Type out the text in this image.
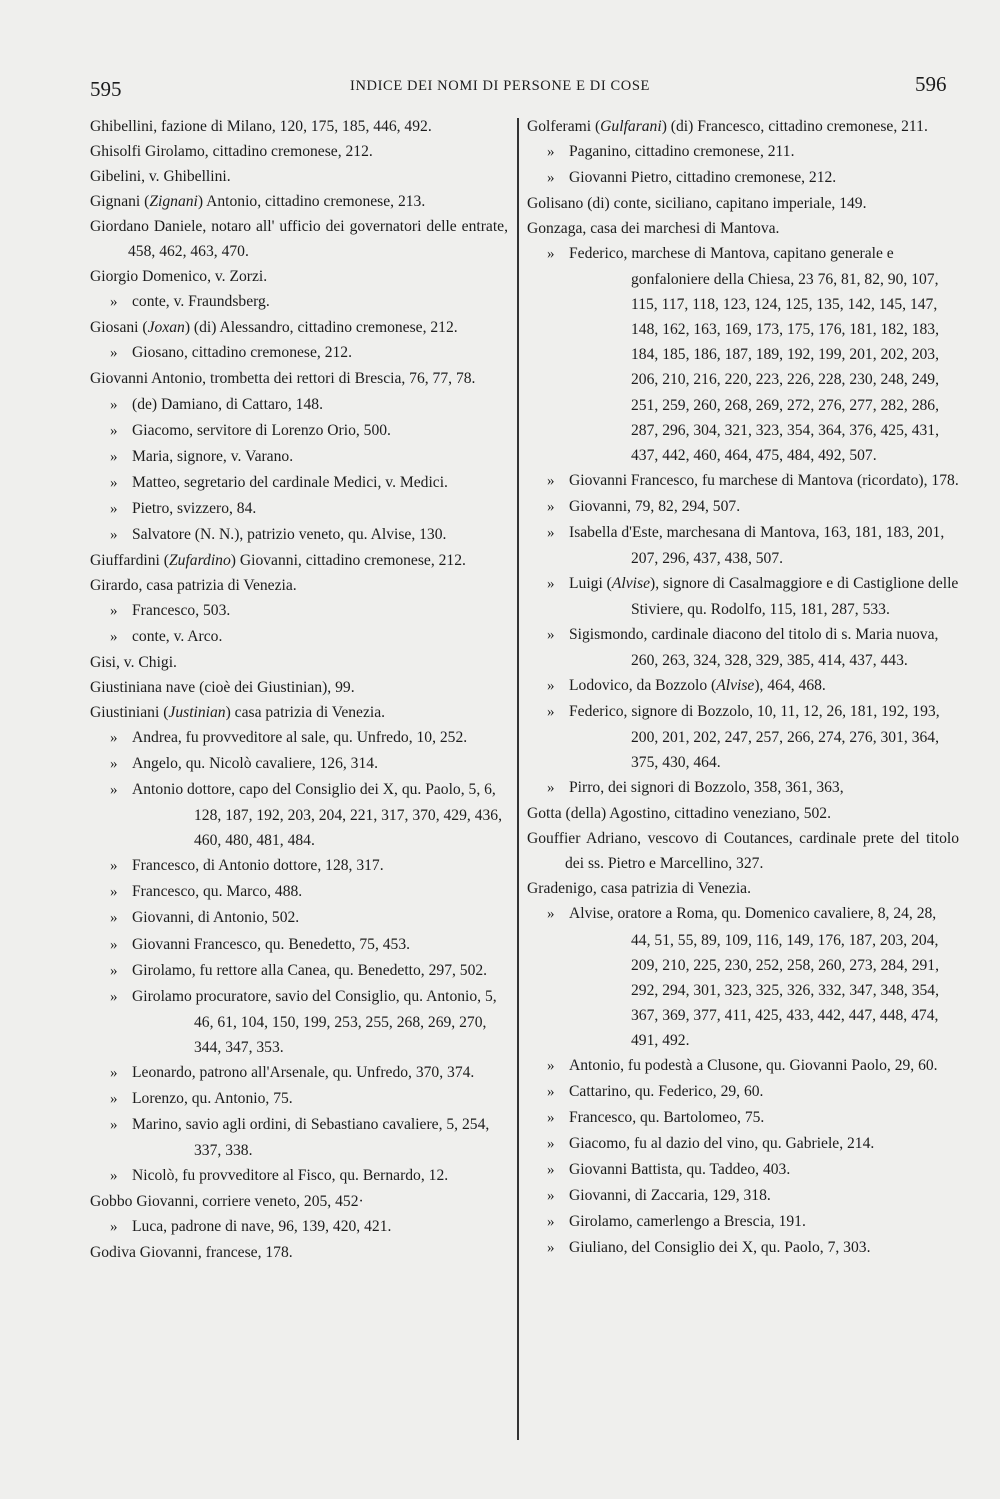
595	INDICE DEI NOMI DI PERSONE E DI COSE	596
Ghibellini, fazione di Milano, 120, 175, 185, 446, 492.
Ghisolfi Girolamo, cittadino cremonese, 212.
Gibelini, v. Ghibellini.
Gignani (Zignani) Antonio, cittadino cremonese, 213.
Giordano Daniele, notaro all' ufficio dei governatori delle entrate, 458, 462, 463, 470.
Giorgio Domenico, v. Zorzi.
» conte, v. Fraundsberg.
Giosani (Joxan) (di) Alessandro, cittadino cremonese, 212.
» Giosano, cittadino cremonese, 212.
Giovanni Antonio, trombetta dei rettori di Brescia, 76, 77, 78.
» (de) Damiano, di Cattaro, 148.
» Giacomo, servitore di Lorenzo Orio, 500.
» Maria, signore, v. Varano.
» Matteo, segretario del cardinale Medici, v. Medici.
» Pietro, svizzero, 84.
» Salvatore (N. N.), patrizio veneto, qu. Alvise, 130.
Giuffardini (Zufardino) Giovanni, cittadino cremonese, 212.
Girardo, casa patrizia di Venezia.
» Francesco, 503.
» conte, v. Arco.
Gisi, v. Chigi.
Giustiniana nave (cioè dei Giustinian), 99.
Giustiniani (Justinian) casa patrizia di Venezia.
» Andrea, fu provveditore al sale, qu. Unfredo, 10, 252.
» Angelo, qu. Nicolò cavaliere, 126, 314.
» Antonio dottore, capo del Consiglio dei X, qu. Paolo, 5, 6, 128, 187, 192, 203, 204, 221, 317, 370, 429, 436, 460, 480, 481, 484.
» Francesco, di Antonio dottore, 128, 317.
» Francesco, qu. Marco, 488.
» Giovanni, di Antonio, 502.
» Giovanni Francesco, qu. Benedetto, 75, 453.
» Girolamo, fu rettore alla Canea, qu. Benedetto, 297, 502.
» Girolamo procuratore, savio del Consiglio, qu. Antonio, 5, 46, 61, 104, 150, 199, 253, 255, 268, 269, 270, 344, 347, 353.
» Leonardo, patrono all'Arsenale, qu. Unfredo, 370, 374.
» Lorenzo, qu. Antonio, 75.
» Marino, savio agli ordini, di Sebastiano cavaliere, 5, 254, 337, 338.
» Nicolò, fu provveditore al Fisco, qu. Bernardo, 12.
Gobbo Giovanni, corriere veneto, 205, 452·
» Luca, padrone di nave, 96, 139, 420, 421.
Godiva Giovanni, francese, 178.
Golferami (Gulfarani) (di) Francesco, cittadino cremonese, 211.
» Paganino, cittadino cremonese, 211.
» Giovanni Pietro, cittadino cremonese, 212.
Golisano (di) conte, siciliano, capitano imperiale, 149.
Gonzaga, casa dei marchesi di Mantova.
» Federico, marchese di Mantova, capitano generale e gonfaloniere della Chiesa, 23 76, 81, 82, 90, 107, 115, 117, 118, 123, 124, 125, 135, 142, 145, 147, 148, 162, 163, 169, 173, 175, 176, 181, 182, 183, 184, 185, 186, 187, 189, 192, 199, 201, 202, 203, 206, 210, 216, 220, 223, 226, 228, 230, 248, 249, 251, 259, 260, 268, 269, 272, 276, 277, 282, 286, 287, 296, 304, 321, 323, 354, 364, 376, 425, 431, 437, 442, 460, 464, 475, 484, 492, 507.
» Giovanni Francesco, fu marchese di Mantova (ricordato), 178.
» Giovanni, 79, 82, 294, 507.
» Isabella d'Este, marchesana di Mantova, 163, 181, 183, 201, 207, 296, 437, 438, 507.
» Luigi (Alvise), signore di Casalmaggiore e di Castiglione delle Stiviere, qu. Rodolfo, 115, 181, 287, 533.
» Sigismondo, cardinale diacono del titolo di s. Maria nuova, 260, 263, 324, 328, 329, 385, 414, 437, 443.
» Lodovico, da Bozzolo (Alvise), 464, 468.
» Federico, signore di Bozzolo, 10, 11, 12, 26, 181, 192, 193, 200, 201, 202, 247, 257, 266, 274, 276, 301, 364, 375, 430, 464.
» Pirro, dei signori di Bozzolo, 358, 361, 363,
Gotta (della) Agostino, cittadino veneziano, 502.
Gouffier Adriano, vescovo di Coutances, cardinale prete del titolo dei ss. Pietro e Marcellino, 327.
Gradenigo, casa patrizia di Venezia.
» Alvise, oratore a Roma, qu. Domenico cavaliere, 8, 24, 28, 44, 51, 55, 89, 109, 116, 149, 176, 187, 203, 204, 209, 210, 225, 230, 252, 258, 260, 273, 284, 291, 292, 294, 301, 323, 325, 326, 332, 347, 348, 354, 367, 369, 377, 411, 425, 433, 442, 447, 448, 474, 491, 492.
» Antonio, fu podestà a Clusone, qu. Giovanni Paolo, 29, 60.
» Cattarino, qu. Federico, 29, 60.
» Francesco, qu. Bartolomeo, 75.
» Giacomo, fu al dazio del vino, qu. Gabriele, 214.
» Giovanni Battista, qu. Taddeo, 403.
» Giovanni, di Zaccaria, 129, 318.
» Girolamo, camerlengo a Brescia, 191.
» Giuliano, del Consiglio dei X, qu. Paolo, 7, 303.
